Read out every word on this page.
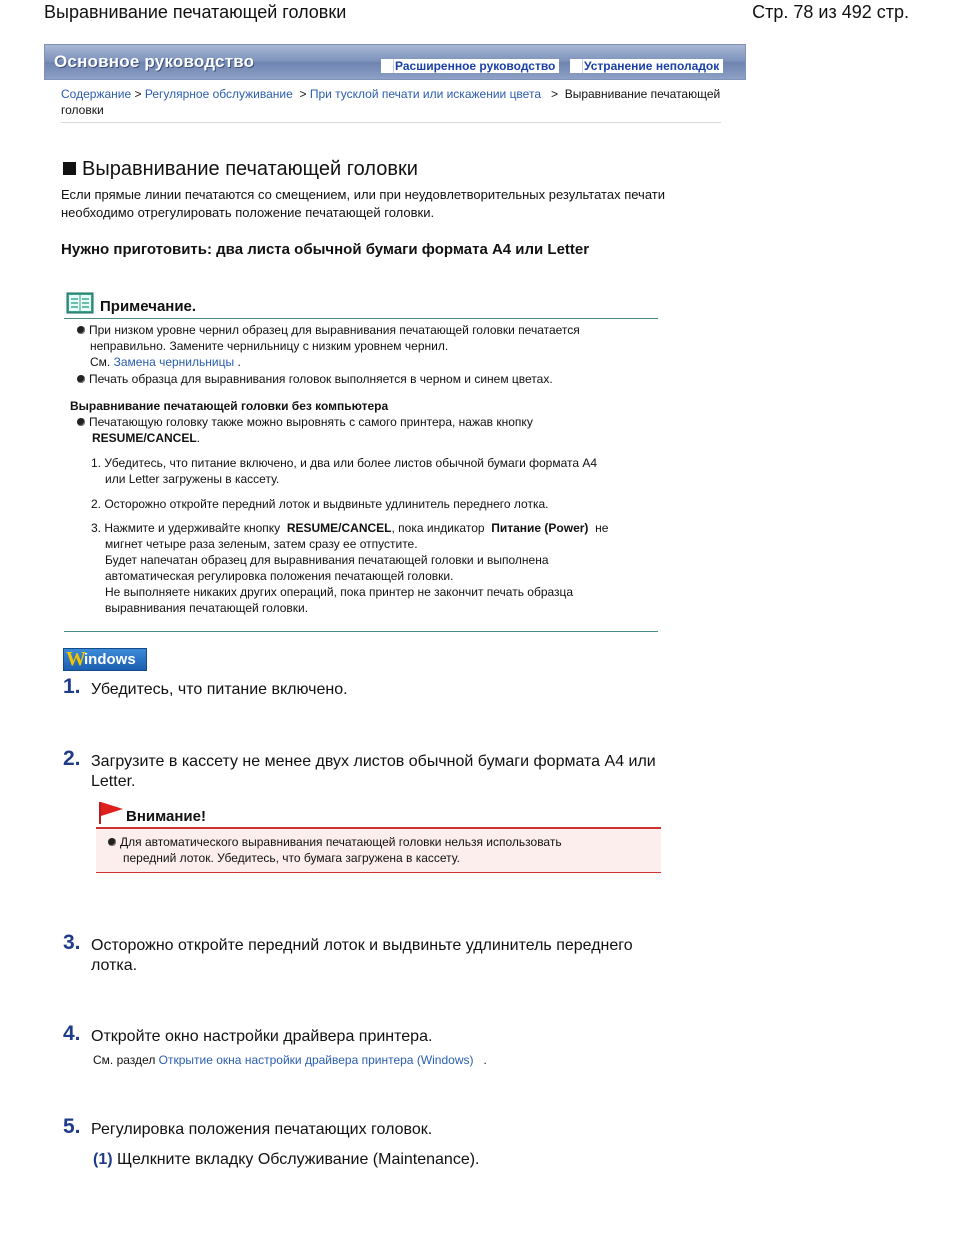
Выравнивание печатающей головки	Стр. 78 из 492 стр.
Основное руководство	Расширенное руководство	Устранение неполадок
Содержание > Регулярное обслуживание > При тусклой печати или искажении цвета > Выравнивание печатающей головки
Выравнивание печатающей головки
Если прямые линии печатаются со смещением, или при неудовлетворительных результатах печати необходимо отрегулировать положение печатающей головки.
Нужно приготовить: два листа обычной бумаги формата A4 или Letter
Примечание.
При низком уровне чернил образец для выравнивания печатающей головки печатается
неправильно. Замените чернильницу с низким уровнем чернил.
См. Замена чернильницы .
Печать образца для выравнивания головок выполняется в черном и синем цветах.
Выравнивание печатающей головки без компьютера
Печатающую головку также можно выровнять с самого принтера, нажав кнопку
RESUME/CANCEL.
1. Убедитесь, что питание включено, и два или более листов обычной бумаги формата A4
или Letter загружены в кассету.
2. Осторожно откройте передний лоток и выдвиньте удлинитель переднего лотка.
3. Нажмите и удерживайте кнопку RESUME/CANCEL, пока индикатор Питание (Power) не
мигнет четыре раза зеленым, затем сразу ее отпустите.
Будет напечатан образец для выравнивания печатающей головки и выполнена
автоматическая регулировка положения печатающей головки.
Не выполняете никаких других операций, пока принтер не закончит печать образца
выравнивания печатающей головки.
W
indows
1. Убедитесь, что питание включено.
2. Загрузите в кассету не менее двух листов обычной бумаги формата A4 или
Letter.
Внимание!
Для автоматического выравнивания печатающей головки нельзя использовать
передний лоток. Убедитесь, что бумага загружена в кассету.
3. Осторожно откройте передний лоток и выдвиньте удлинитель переднего
лотка.
4. Откройте окно настройки драйвера принтера.
См. раздел Открытие окна настройки драйвера принтера (Windows) .
5. Регулировка положения печатающих головок.
(1) Щелкните вкладку Обслуживание (Maintenance).
